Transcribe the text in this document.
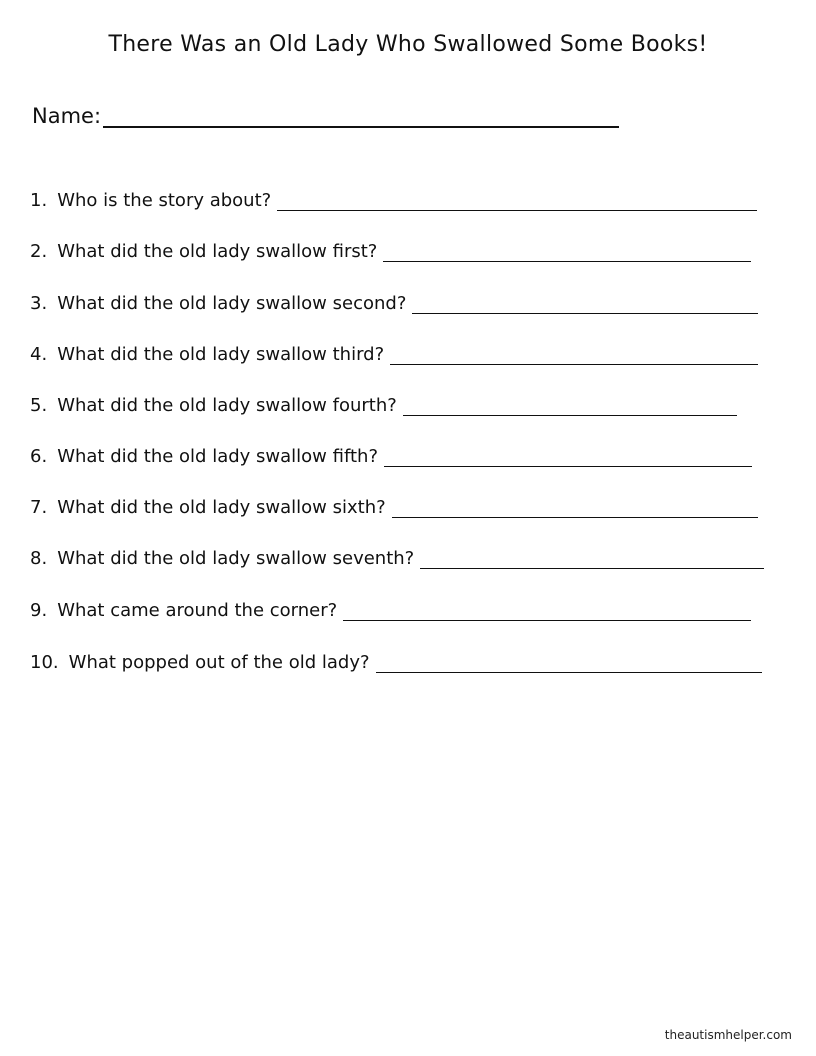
There Was an Old Lady Who Swallowed Some Books!
Name:
1. Who is the story about?
2. What did the old lady swallow first?
3. What did the old lady swallow second?
4. What did the old lady swallow third?
5. What did the old lady swallow fourth?
6. What did the old lady swallow fifth?
7. What did the old lady swallow sixth?
8. What did the old lady swallow seventh?
9. What came around the corner?
10. What popped out of the old lady?
theautismhelper.com
